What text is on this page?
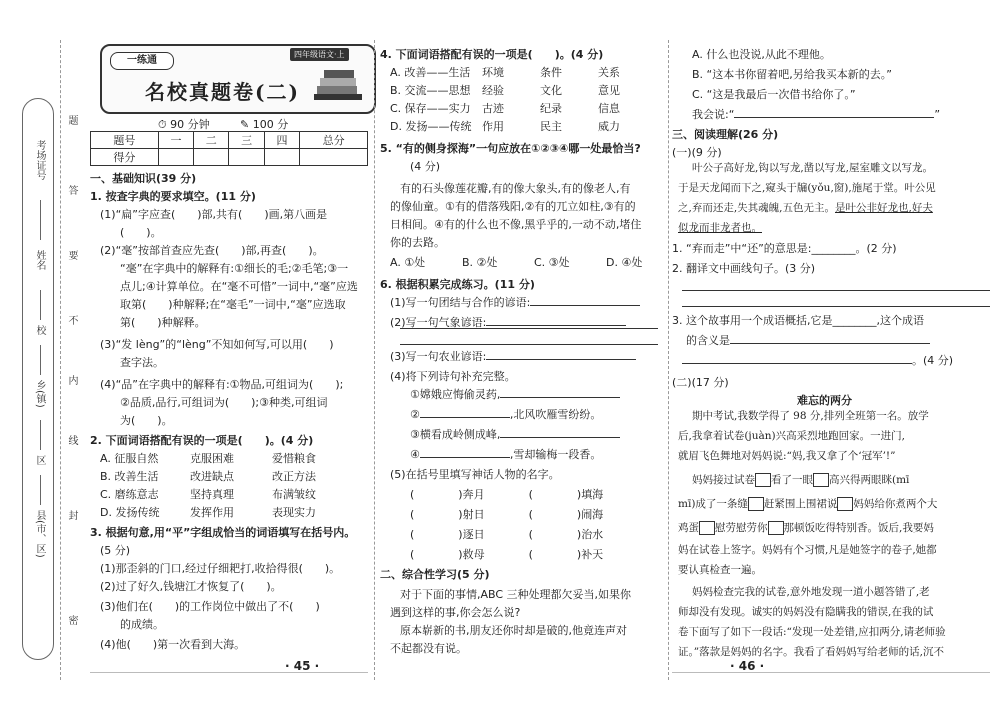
题
答
要
不
内
线
封
密
考场证号
姓名
校
乡(镇)
区
县(市、区)
一练通
四年级语文·上
名校真题卷(二)
⏱ 90 分钟	✎ 100 分
题号	一	二	三	四	总分
得分					
一、基础知识(39 分)
1. 按查字典的要求填空。(11 分)
(1)“扁”字应查(　　)部,共有(　　)画,第八画是
(　　)。
(2)“毫”按部首查应先查(　　)部,再查(　　)。
“毫”在字典中的解释有:①细长的毛;②毛笔;③一
点儿;④计算单位。在“毫不可惜”一词中,“毫”应选
取第(　　)种解释;在“毫毛”一词中,“毫”应选取
第(　　)种解释。
(3)“发 lèng”的“lèng”不知如何写,可以用(　　)
查字法。
(4)“品”在字典中的解释有:①物品,可组词为(　　);
②品质,品行,可组词为(　　);③种类,可组词
为(　　)。
2. 下面词语搭配有误的一项是(　　)。(4 分)
A. 征服自然	克服困难	爱惜粮食
B. 改善生活	改进缺点	改正方法
C. 磨练意志	坚持真理	布满皱纹
D. 发扬传统	发挥作用	表现实力
3. 根据句意,用“平”字组成恰当的词语填写在括号内。
(5 分)
(1)那歪斜的门口,经过仔细耙打,收拾得很(　　)。
(2)过了好久,钱塘江才恢复了(　　)。
(3)他们在(　　)的工作岗位中做出了不(　　)
的成绩。
(4)他(　　)第一次看到大海。
· 45 ·
4. 下面词语搭配有误的一项是(　　)。(4 分)
A. 改善——生活 环境	条件	关系
B. 交流——思想 经验	文化	意见
C. 保存——实力 古迹	纪录	信息
D. 发扬——传统 作用	民主	威力
5. “有的侧身探海”一句应放在①②③④哪一处最恰当?
(4 分)
有的石头像莲花瓣,有的像大象头,有的像老人,有
的像仙童。①有的借落残阳,②有的兀立如柱,③有的
日相间。④有的什么也不像,黑乎乎的,一动不动,堵住
你的去路。
A. ①处	B. ②处	C. ③处	D. ④处
6. 根据积累完成练习。(11 分)
(1)写一句团结与合作的谚语:
(2)写一句气象谚语:
(3)写一句农业谚语:
(4)将下列诗句补充完整。
①嫦娥应悔偷灵药,
②	,北风吹雁雪纷纷。
③横看成岭侧成峰,
④	,雪却输梅一段香。
(5)在括号里填写神话人物的名字。
(　　　　)奔月　　　　(　　　　)填海
(　　　　)射日　　　　(　　　　)闹海
(　　　　)逐日　　　　(　　　　)治水
(　　　　)救母　　　　(　　　　)补天
二、综合性学习(5 分)
对于下面的事情,ABC 三种处理都欠妥当,如果你
遇到这样的事,你会怎么说?
原本崭新的书,朋友还你时却是破的,他竟连声对
不起都没有说。
A. 什么也没说,从此不理他。
B. “这本书你留着吧,另给我买本新的去。”
C. “这是我最后一次借书给你了。”
我会说:“	”
三、阅读理解(26 分)
(一)(9 分)
叶公子高好龙,钩以写龙,凿以写龙,屋室雕文以写龙。
于是天龙闻而下之,窥头于牖(yǒu,窗),施尾于堂。叶公见
之,弃而还走,失其魂魄,五色无主。是叶公非好龙也,好夫
似龙而非龙者也。
1. “弃而走”中“还”的意思是:________。(2 分)
2. 翻译文中画线句子。(3 分)
3. 这个故事用一个成语概括,它是________,这个成语
的含义是
。(4 分)
(二)(17 分)
难忘的两分
期中考试,我数学得了 98 分,排列全班第一名。放学
后,我拿着试卷(juàn)兴高采烈地跑回家。一进门,
就眉飞色舞地对妈妈说:“妈,我又拿了个‘冠军’!”
妈妈接过试卷 看了一眼 高兴得两眼眯(mī
mī)成了一条缝 赶紧围上围裙说 妈妈给你煮两个大
鸡蛋 慰劳慰劳你 那顿饭吃得特别香。饭后,我要妈
妈在试卷上签字。妈妈有个习惯,凡是她签字的卷子,她都
要认真检查一遍。
妈妈检查完我的试卷,意外地发现一道小题答错了,老
师却没有发现。诚实的妈妈没有隐瞒我的错误,在我的试
卷下面写了如下一段话:“发现一处差错,应扣两分,请老师验
证。”落款是妈妈的名字。我看了看妈妈写给老师的话,沉不
· 46 ·
